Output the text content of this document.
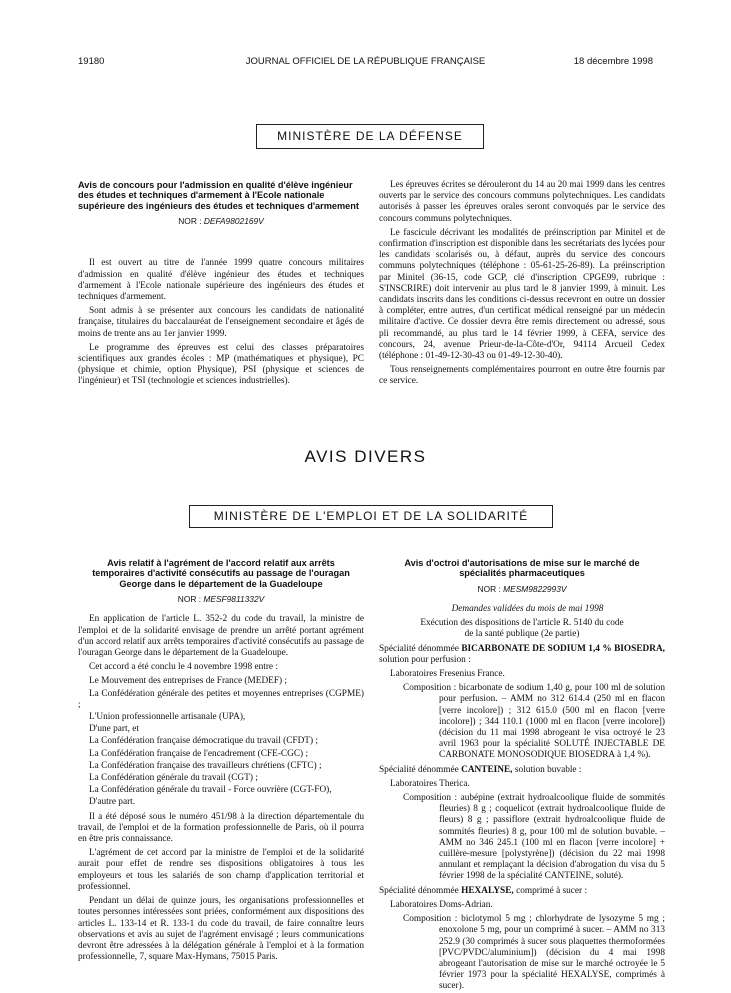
19180	JOURNAL OFFICIEL DE LA RÉPUBLIQUE FRANÇAISE	18 décembre 1998
MINISTÈRE DE LA DÉFENSE
Avis de concours pour l'admission en qualité d'élève ingénieur des études et techniques d'armement à l'Ecole nationale supérieure des ingénieurs des études et techniques d'armement
NOR : DEFA9802169V

Il est ouvert au titre de l'année 1999 quatre concours militaires d'admission en qualité d'élève ingénieur des études et techniques d'armement à l'Ecole nationale supérieure des ingénieurs des études et techniques d'armement.

Sont admis à se présenter aux concours les candidats de nationalité française, titulaires du baccalauréat de l'enseignement secondaire et âgés de moins de trente ans au 1er janvier 1999.

Le programme des épreuves est celui des classes préparatoires scientifiques aux grandes écoles : MP (mathématiques et physique), PC (physique et chimie, option Physique), PSI (physique et sciences de l'ingénieur) et TSI (technologie et sciences industrielles).

Les épreuves écrites se dérouleront du 14 au 20 mai 1999 dans les centres ouverts par le service des concours communs polytechniques. Les candidats autorisés à passer les épreuves orales seront convoqués par le service des concours communs polytechniques.

Le fascicule décrivant les modalités de préinscription par Minitel et de confirmation d'inscription est disponible dans les secrétariats des lycées pour les candidats scolarisés ou, à défaut, auprès du service des concours communs polytechniques (téléphone : 05-61-25-26-89). La préinscription par Minitel (36-15, code GCP, clé d'inscription CPGE99, rubrique : S'INSCRIRE) doit intervenir au plus tard le 8 janvier 1999, à minuit. Les candidats inscrits dans les conditions ci-dessus recevront en outre un dossier à compléter, entre autres, d'un certificat médical renseigné par un médecin militaire d'active. Ce dossier devra être remis directement ou adressé, sous pli recommandé, au plus tard le 14 février 1999, à CEFA, service des concours, 24, avenue Prieur-de-la-Côte-d'Or, 94114 Arcueil Cedex (téléphone : 01-49-12-30-43 ou 01-49-12-30-40).

Tous renseignements complémentaires pourront en outre être fournis par ce service.

AVIS DIVERS
MINISTÈRE DE L'EMPLOI ET DE LA SOLIDARITÉ
Avis relatif à l'agrément de l'accord relatif aux arrêts temporaires d'activité consécutifs au passage de l'ouragan George dans le département de la Guadeloupe
NOR : MESF9811332V

En application de l'article L. 352-2 du code du travail, la ministre de l'emploi et de la solidarité envisage de prendre un arrêté portant agrément d'un accord relatif aux arrêts temporaires d'activité consécutifs au passage de l'ouragan George dans le département de la Guadeloupe.

Cet accord a été conclu le 4 novembre 1998 entre :

Le Mouvement des entreprises de France (MEDEF) ;

La Confédération générale des petites et moyennes entreprises (CGPME) ;

L'Union professionnelle artisanale (UPA),

D'une part, et

La Confédération française démocratique du travail (CFDT) ;

La Confédération française de l'encadrement (CFE-CGC) ;

La Confédération française des travailleurs chrétiens (CFTC) ;

La Confédération générale du travail (CGT) ;

La Confédération générale du travail - Force ouvrière (CGT-FO),

D'autre part.

Il a été déposé sous le numéro 451/98 à la direction départementale du travail, de l'emploi et de la formation professionnelle de Paris, où il pourra en être pris connaissance.

L'agrément de cet accord par la ministre de l'emploi et de la solidarité aurait pour effet de rendre ses dispositions obligatoires à tous les employeurs et tous les salariés de son champ d'application territorial et professionnel.

Pendant un délai de quinze jours, les organisations professionnelles et toutes personnes intéressées sont priées, conformément aux dispositions des articles L. 133-14 et R. 133-1 du code du travail, de faire connaître leurs observations et avis au sujet de l'agrément envisagé ; leurs communications devront être adressées à la délégation générale à l'emploi et à la formation professionnelle, 7, square Max-Hymans, 75015 Paris.

Avis d'octroi d'autorisations de mise sur le marché de spécialités pharmaceutiques
NOR : MESM9822993V

Demandes validées du mois de mai 1998

Exécution des dispositions de l'article R. 5140 du code de la santé publique (2e partie)

Spécialité dénommée BICARBONATE DE SODIUM 1,4 % BIOSEDRA, solution pour perfusion :

Laboratoires Fresenius France.

Composition : bicarbonate de sodium 1,40 g, pour 100 ml de solution pour perfusion. – AMM no 312 614.4 (250 ml en flacon [verre incolore]) ; 312 615.0 (500 ml en flacon [verre incolore]) ; 344 110.1 (1000 ml en flacon [verre incolore]) (décision du 11 mai 1998 abrogeant le visa octroyé le 23 avril 1963 pour la spécialité SOLUTÉ INJECTABLE DE CARBONATE MONOSODIQUE BIOSEDRA à 1,4 %).

Spécialité dénommée CANTEINE, solution buvable :

Laboratoires Therica.

Composition : aubépine (extrait hydroalcoolique fluide de sommités fleuries) 8 g ; coquelicot (extrait hydroalcoolique fluide de fleurs) 8 g ; passiflore (extrait hydroalcoolique fluide de sommités fleuries) 8 g, pour 100 ml de solution buvable. – AMM no 346 245.1 (100 ml en flacon [verre incolore] + cuillère-mesure [polystyrène]) (décision du 22 mai 1998 annulant et remplaçant la décision d'abrogation du visa du 5 février 1998 de la spécialité CANTEINE, soluté).

Spécialité dénommée HEXALYSE, comprimé à sucer :

Laboratoires Doms-Adrian.

Composition : biclotymol 5 mg ; chlorhydrate de lysozyme 5 mg ; enoxolone 5 mg, pour un comprimé à sucer. – AMM no 313 252.9 (30 comprimés à sucer sous plaquettes thermoformées [PVC/PVDC/aluminium]) (décision du 4 mai 1998 abrogeant l'autorisation de mise sur le marché octroyée le 5 février 1973 pour la spécialité HEXALYSE, comprimés à sucer).
